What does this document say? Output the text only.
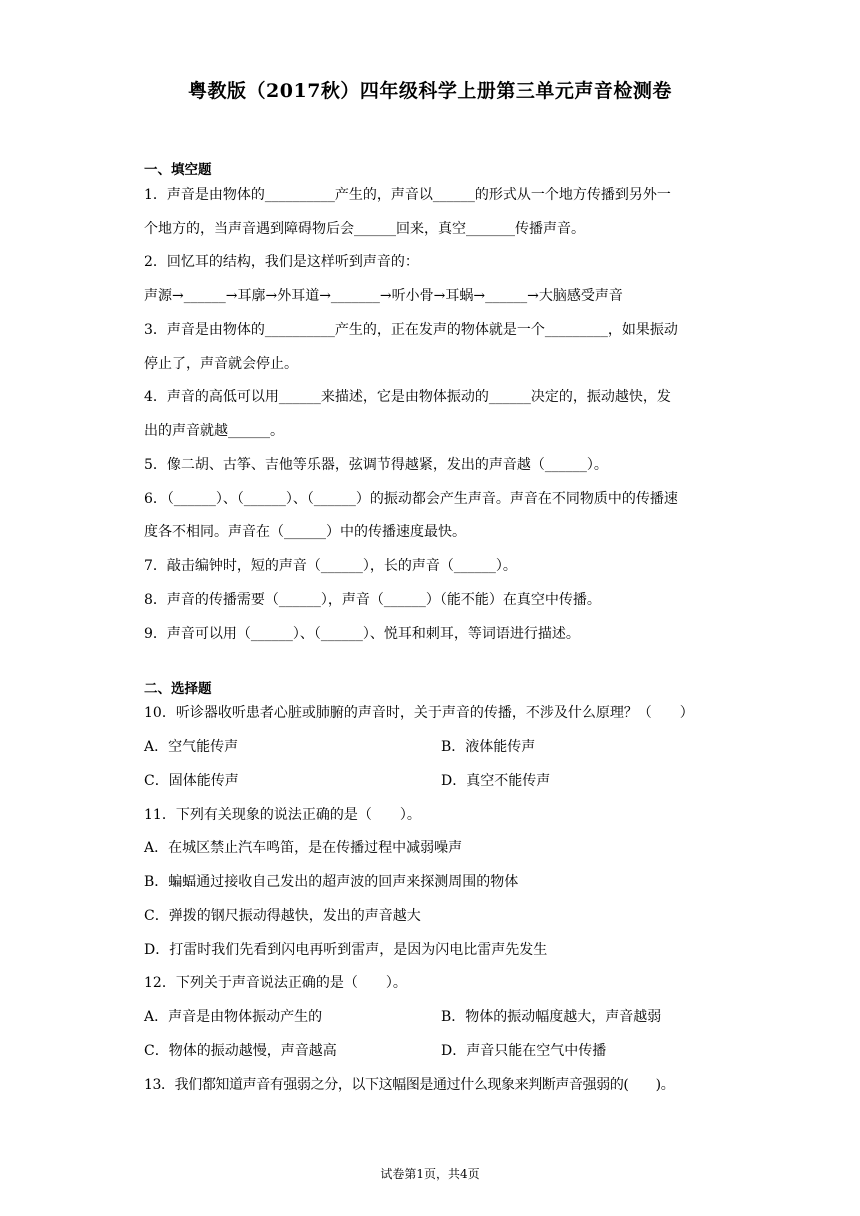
粤教版（2017秋）四年级科学上册第三单元声音检测卷
一、填空题
1．声音是由物体的__________产生的，声音以______的形式从一个地方传播到另外一
个地方的，当声音遇到障碍物后会______回来，真空_______传播声音。
2．回忆耳的结构，我们是这样听到声音的：
声源→______→耳廓→外耳道→_______→听小骨→耳蜗→______→大脑感受声音
3．声音是由物体的__________产生的，正在发声的物体就是一个_________，如果振动
停止了，声音就会停止。
4．声音的高低可以用______来描述，它是由物体振动的______决定的，振动越快，发
出的声音就越______。
5．像二胡、古筝、吉他等乐器，弦调节得越紧，发出的声音越（______）。
6．（______）、（______）、（______）的振动都会产生声音。声音在不同物质中的传播速
度各不相同。声音在（______）中的传播速度最快。
7．敲击编钟时，短的声音（______），长的声音（______）。
8．声音的传播需要（______），声音（______）（能不能）在真空中传播。
9．声音可以用（______）、（______）、悦耳和刺耳，等词语进行描述。
二、选择题
10．听诊器收听患者心脏或肺腑的声音时，关于声音的传播，不涉及什么原理？（　　）
A．空气能传声	B．液体能传声
C．固体能传声	D．真空不能传声
11．下列有关现象的说法正确的是（　　）。
A．在城区禁止汽车鸣笛，是在传播过程中减弱噪声
B．蝙蝠通过接收自己发出的超声波的回声来探测周围的物体
C．弹拨的钢尺振动得越快，发出的声音越大
D．打雷时我们先看到闪电再听到雷声，是因为闪电比雷声先发生
12．下列关于声音说法正确的是（　　）。
A．声音是由物体振动产生的	B．物体的振动幅度越大，声音越弱
C．物体的振动越慢，声音越高	D．声音只能在空气中传播
13．我们都知道声音有强弱之分，以下这幅图是通过什么现象来判断声音强弱的(　　)。
试卷第1页，共4页
